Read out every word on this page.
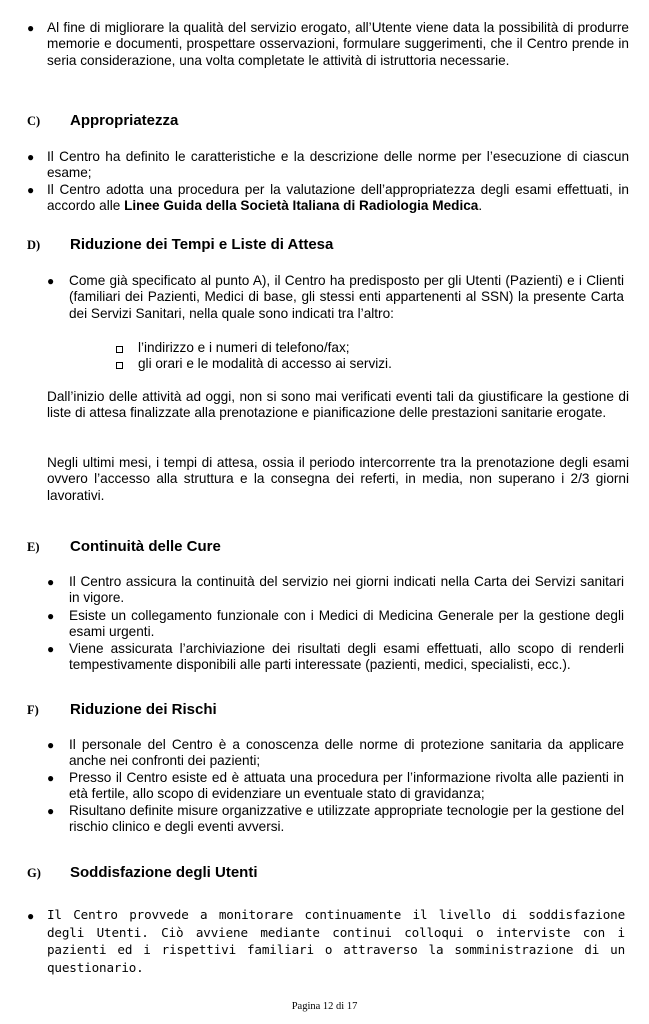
● Al fine di migliorare la qualità del servizio erogato, all’Utente viene data la possibilità di produrre memorie e documenti, prospettare osservazioni, formulare suggerimenti, che il Centro prende in seria considerazione, una volta completate le attività di istruttoria necessarie.
C) Appropriatezza
● Il Centro ha definito le caratteristiche e la descrizione delle norme per l’esecuzione di ciascun esame;
● Il Centro adotta una procedura per la valutazione dell’appropriatezza degli esami effettuati, in accordo alle Linee Guida della Società Italiana di Radiologia Medica.
D) Riduzione dei Tempi e Liste di Attesa
● Come già specificato al punto A), il Centro ha predisposto per gli Utenti (Pazienti) e i Clienti (familiari dei Pazienti, Medici di base, gli stessi enti appartenenti al SSN) la presente Carta dei Servizi Sanitari, nella quale sono indicati tra l’altro:
l’indirizzo e i numeri di telefono/fax;
gli orari e le modalità di accesso ai servizi.
Dall’inizio delle attività ad oggi, non si sono mai verificati eventi tali da giustificare la gestione di liste di attesa finalizzate alla prenotazione e pianificazione delle prestazioni sanitarie erogate.
Negli ultimi mesi, i tempi di attesa, ossia il periodo intercorrente tra la prenotazione degli esami ovvero l’accesso alla struttura e la consegna dei referti, in media, non superano i 2/3 giorni lavorativi.
E) Continuità delle Cure
● Il Centro assicura la continuità del servizio nei giorni indicati nella Carta dei Servizi sanitari in vigore.
● Esiste un collegamento funzionale con i Medici di Medicina Generale per la gestione degli esami urgenti.
● Viene assicurata l’archiviazione dei risultati degli esami effettuati, allo scopo di renderli tempestivamente disponibili alle parti interessate (pazienti, medici, specialisti, ecc.).
F) Riduzione dei Rischi
● Il personale del Centro è a conoscenza delle norme di protezione sanitaria da applicare anche nei confronti dei pazienti;
● Presso il Centro esiste ed è attuata una procedura per l’informazione rivolta alle pazienti in età fertile, allo scopo di evidenziare un eventuale stato di gravidanza;
● Risultano definite misure organizzative e utilizzate appropriate tecnologie per la gestione del rischio clinico e degli eventi avversi.
G) Soddisfazione degli Utenti
● Il Centro provvede a monitorare continuamente il livello di soddisfazione degli Utenti. Ciò avviene mediante continui colloqui o interviste con i pazienti ed i rispettivi familiari o attraverso la somministrazione di un questionario.
Pagina 12 di 17
